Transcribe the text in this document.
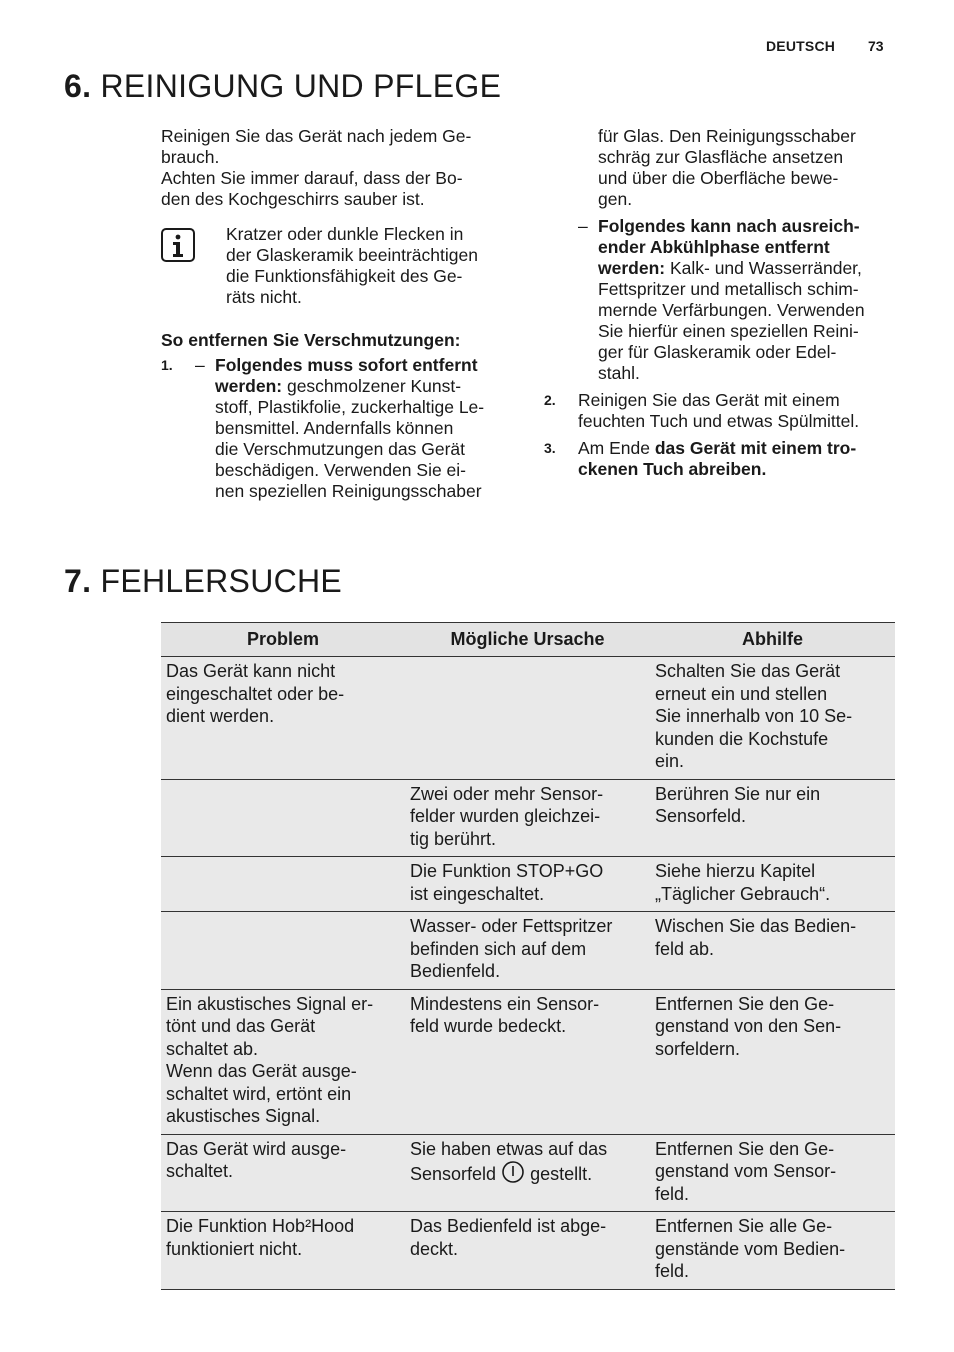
DEUTSCH 73
6. REINIGUNG UND PFLEGE

Reinigen Sie das Gerät nach jedem Ge-
brauch.
Achten Sie immer darauf, dass der Bo-
den des Kochgeschirrs sauber ist.

Kratzer oder dunkle Flecken in
der Glaskeramik beeinträchtigen
die Funktionsfähigkeit des Ge-
räts nicht.

So entfernen Sie Verschmutzungen:

1. – Folgendes muss sofort entfernt
werden: geschmolzener Kunst-
stoff, Plastikfolie, zuckerhaltige Le-
bensmittel. Andernfalls können
die Verschmutzungen das Gerät
beschädigen. Verwenden Sie ei-
nen speziellen Reinigungsschaber
für Glas. Den Reinigungsschaber
schräg zur Glasfläche ansetzen
und über die Oberfläche bewe-
gen.
– Folgendes kann nach ausreich-
ender Abkühlphase entfernt
werden: Kalk- und Wasserränder,
Fettspritzer und metallisch schim-
mernde Verfärbungen. Verwenden
Sie hierfür einen speziellen Reini-
ger für Glaskeramik oder Edel-
stahl.
2. Reinigen Sie das Gerät mit einem
feuchten Tuch und etwas Spülmittel.
3. Am Ende das Gerät mit einem tro-
ckenen Tuch abreiben.
7. FEHLERSUCHE
Problem	Mögliche Ursache	Abhilfe
Das Gerät kann nicht
eingeschaltet oder be-
dient werden.
Schalten Sie das Gerät
erneut ein und stellen
Sie innerhalb von 10 Se-
kunden die Kochstufe
ein.
Zwei oder mehr Sensor-
felder wurden gleichzei-
tig berührt.
Berühren Sie nur ein
Sensorfeld.
Die Funktion STOP+GO
ist eingeschaltet.
Siehe hierzu Kapitel
„Täglicher Gebrauch“.
Wasser- oder Fettspritzer
befinden sich auf dem
Bedienfeld.
Wischen Sie das Bedien-
feld ab.
Ein akustisches Signal er-
tönt und das Gerät
schaltet ab.
Wenn das Gerät ausge-
schaltet wird, ertönt ein
akustisches Signal.
Mindestens ein Sensor-
feld wurde bedeckt.
Entfernen Sie den Ge-
genstand von den Sen-
sorfeldern.
Das Gerät wird ausge-
schaltet.
Sie haben etwas auf das
Sensorfeld  gestellt.
Entfernen Sie den Ge-
genstand vom Sensor-
feld.
Die Funktion Hob²Hood
funktioniert nicht.
Das Bedienfeld ist abge-
deckt.
Entfernen Sie alle Ge-
genstände vom Bedien-
feld.
